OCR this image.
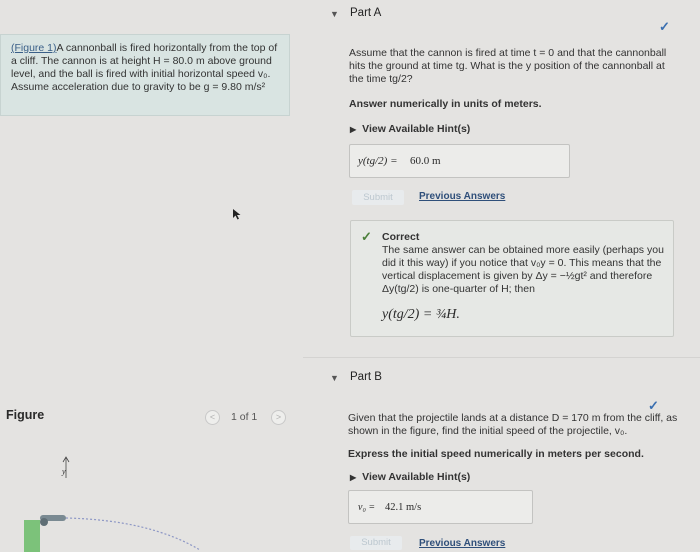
(Figure 1)A cannonball is fired horizontally from the top of a cliff. The cannon is at height H = 80.0 m above ground level, and the ball is fired with initial horizontal speed v₀. Assume acceleration due to gravity to be g = 9.80 m/s²
Figure	<	1 of 1	>
y
▼ Part A
✓
Assume that the cannon is fired at time t = 0 and that the cannonball hits the ground at time tg. What is the y position of the cannonball at the time tg/2?
Answer numerically in units of meters.
▶ View Available Hint(s)
y(tg/2) = 60.0 m
Submit	Previous Answers
✓ Correct
The same answer can be obtained more easily (perhaps you did it this way) if you notice that v₀y = 0. This means that the vertical displacement is given by Δy = −½gt² and therefore Δy(tg/2) is one-quarter of H; then
y(tg/2) = ¾H.
▼ Part B
✓
Given that the projectile lands at a distance D = 170 m from the cliff, as shown in the figure, find the initial speed of the projectile, v₀.
Express the initial speed numerically in meters per second.
▶ View Available Hint(s)
v₀ = 42.1 m/s
Submit	Previous Answers
